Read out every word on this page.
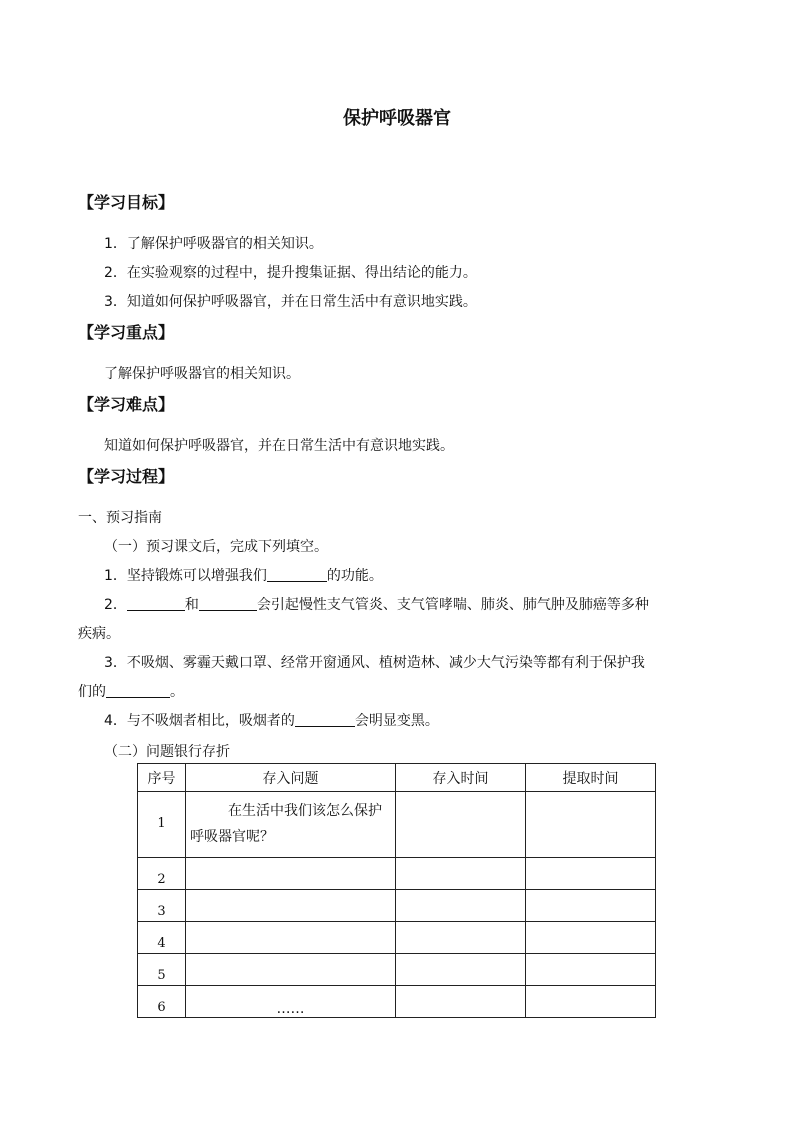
保护呼吸器官
【学习目标】
1．了解保护呼吸器官的相关知识。
2．在实验观察的过程中，提升搜集证据、得出结论的能力。
3．知道如何保护呼吸器官，并在日常生活中有意识地实践。
【学习重点】
了解保护呼吸器官的相关知识。
【学习难点】
知道如何保护呼吸器官，并在日常生活中有意识地实践。
【学习过程】
一、预习指南
（一）预习课文后，完成下列填空。
1．坚持锻炼可以增强我们	的功能。
2．	和	会引起慢性支气管炎、支气管哮喘、肺炎、肺气肿及肺癌等多种
疾病。
3．不吸烟、雾霾天戴口罩、经常开窗通风、植树造林、减少大气污染等都有利于保护我
们的	。
4．与不吸烟者相比，吸烟者的	会明显变黑。
（二）问题银行存折
序号	存入问题	存入时间	提取时间
1	在生活中我们该怎么保护呼吸器官呢？		
2			
3			
4			
5			
6	……		
